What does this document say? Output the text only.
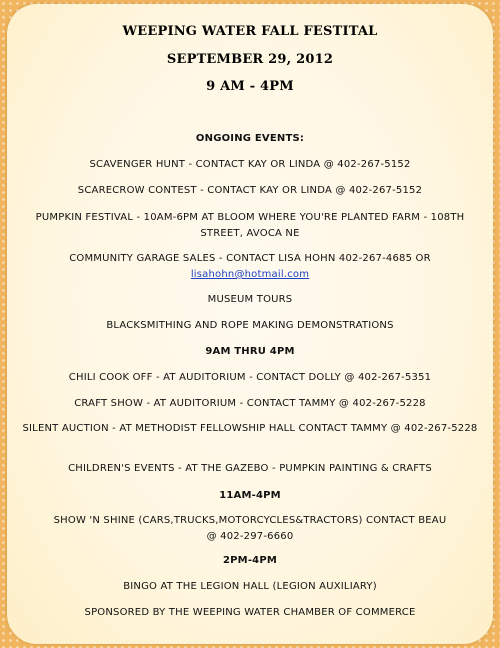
WEEPING WATER FALL FESTITAL
SEPTEMBER 29, 2012
9 AM - 4PM
ONGOING EVENTS:
SCAVENGER HUNT - CONTACT KAY OR LINDA @ 402-267-5152
SCARECROW CONTEST - CONTACT KAY OR LINDA @ 402-267-5152
PUMPKIN FESTIVAL - 10AM-6PM AT BLOOM WHERE YOU'RE PLANTED FARM - 108TH STREET, AVOCA NE
COMMUNITY GARAGE SALES - CONTACT LISA HOHN 402-267-4685 OR
lisahohn@hotmail.com
MUSEUM TOURS
BLACKSMITHING AND ROPE MAKING DEMONSTRATIONS
9AM THRU 4PM
CHILI COOK OFF - AT AUDITORIUM - CONTACT DOLLY @ 402-267-5351
CRAFT SHOW - AT AUDITORIUM - CONTACT TAMMY @ 402-267-5228
SILENT AUCTION - AT METHODIST FELLOWSHIP HALL CONTACT TAMMY @ 402-267-5228
CHILDREN'S EVENTS - AT THE GAZEBO - PUMPKIN PAINTING & CRAFTS
11AM-4PM
SHOW 'N SHINE (CARS,TRUCKS,MOTORCYCLES&TRACTORS) CONTACT BEAU @ 402-297-6660
2PM-4PM
BINGO AT THE LEGION HALL (LEGION AUXILIARY)
SPONSORED BY THE WEEPING WATER CHAMBER OF COMMERCE
